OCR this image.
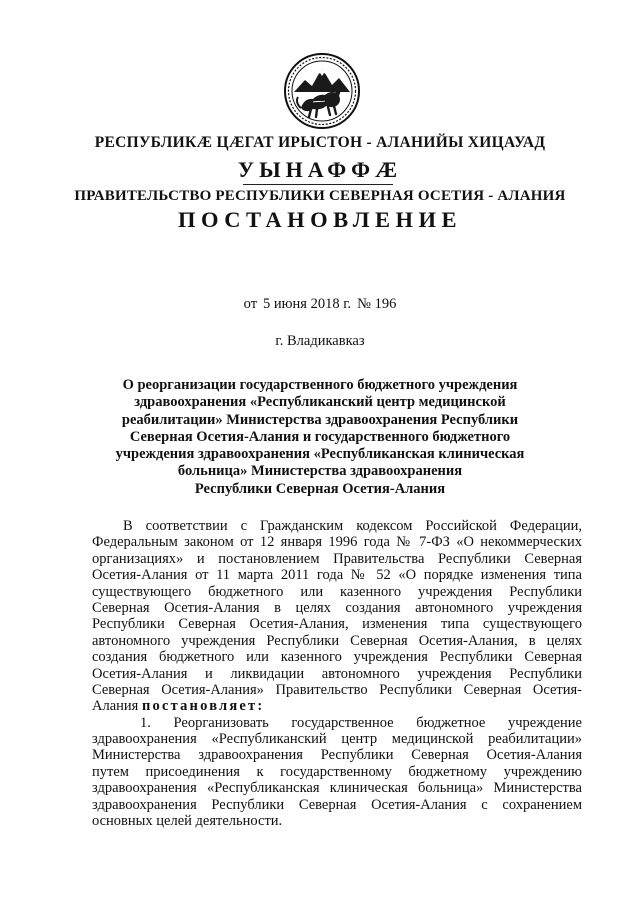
РЕСПУБЛИКӔ ЦӔГАТ ИРЫСТОН - АЛАНИЙЫ ХИЦАУАД
УЫНАФФӔ
ПРАВИТЕЛЬСТВО РЕСПУБЛИКИ СЕВЕРНАЯ ОСЕТИЯ - АЛАНИЯ
ПОСТАНОВЛЕНИЕ
от 5 июня 2018 г. № 196
г. Владикавказ
О реорганизации государственного бюджетного учреждения
здравоохранения «Республиканский центр медицинской
реабилитации» Министерства здравоохранения Республики
Северная Осетия-Алания и государственного бюджетного
учреждения здравоохранения «Республиканская клиническая
больница» Министерства здравоохранения
Республики Северная Осетия-Алания
В соответствии с Гражданским кодексом Российской Федерации,
Федеральным законом от 12 января 1996 года № 7-ФЗ «О некоммерческих
организациях» и постановлением Правительства Республики Северная
Осетия-Алания от 11 марта 2011 года № 52 «О порядке изменения типа
существующего бюджетного или казенного учреждения Республики
Северная Осетия-Алания в целях создания автономного учреждения
Республики Северная Осетия-Алания, изменения типа существующего
автономного учреждения Республики Северная Осетия-Алания, в целях
создания бюджетного или казенного учреждения Республики Северная
Осетия-Алания и ликвидации автономного учреждения Республики
Северная Осетия-Алания» Правительство Республики Северная Осетия-
Алания постановляет:
1. Реорганизовать государственное бюджетное учреждение
здравоохранения «Республиканский центр медицинской реабилитации»
Министерства здравоохранения Республики Северная Осетия-Алания
путем присоединения к государственному бюджетному учреждению
здравоохранения «Республиканская клиническая больница» Министерства
здравоохранения Республики Северная Осетия-Алания с сохранением
основных целей деятельности.
